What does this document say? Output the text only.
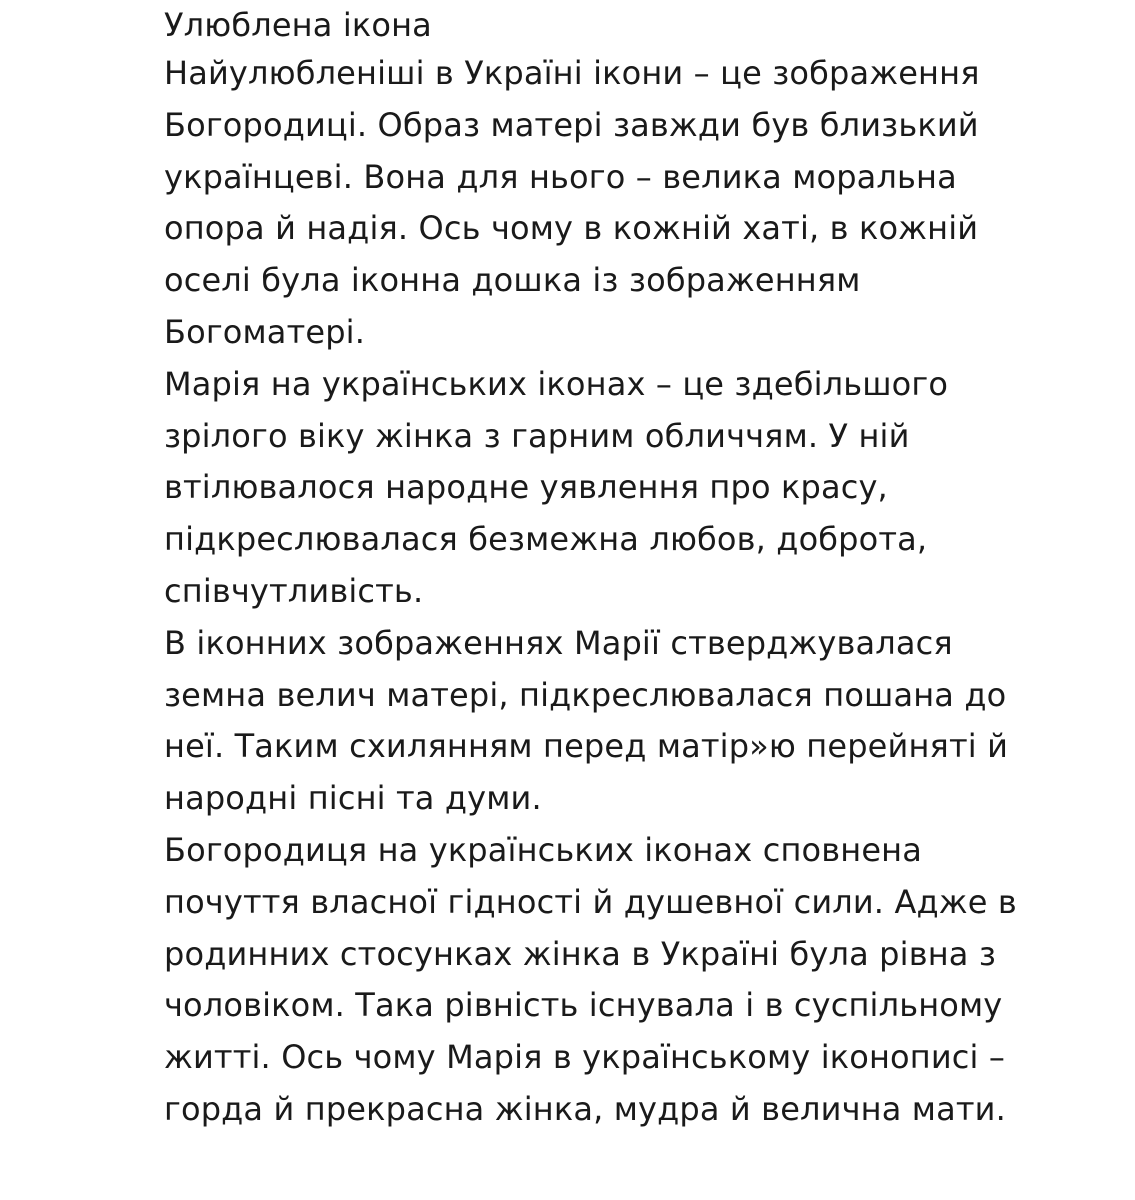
Улюблена ікона
Найулюбленіші в Україні ікони – це зображення
Богородиці. Образ матері завжди був близький
українцеві. Вона для нього – велика моральна
опора й надія. Ось чому в кожній хаті, в кожній
оселі була іконна дошка із зображенням
Богоматері.
Марія на українських іконах – це здебільшого
зрілого віку жінка з гарним обличчям. У ній
втілювалося народне уявлення про красу,
підкреслювалася безмежна любов, доброта,
співчутливість.
В іконних зображеннях Марії стверджувалася
земна велич матері, підкреслювалася пошана до
неї. Таким схилянням перед матір»ю перейняті й
народні пісні та думи.
Богородиця на українських іконах сповнена
почуття власної гідності й душевної сили. Адже в
родинних стосунках жінка в Україні була рівна з
чоловіком. Така рівність існувала і в суспільному
житті. Ось чому Марія в українському іконописі –
горда й прекрасна жінка, мудра й велична мати.
